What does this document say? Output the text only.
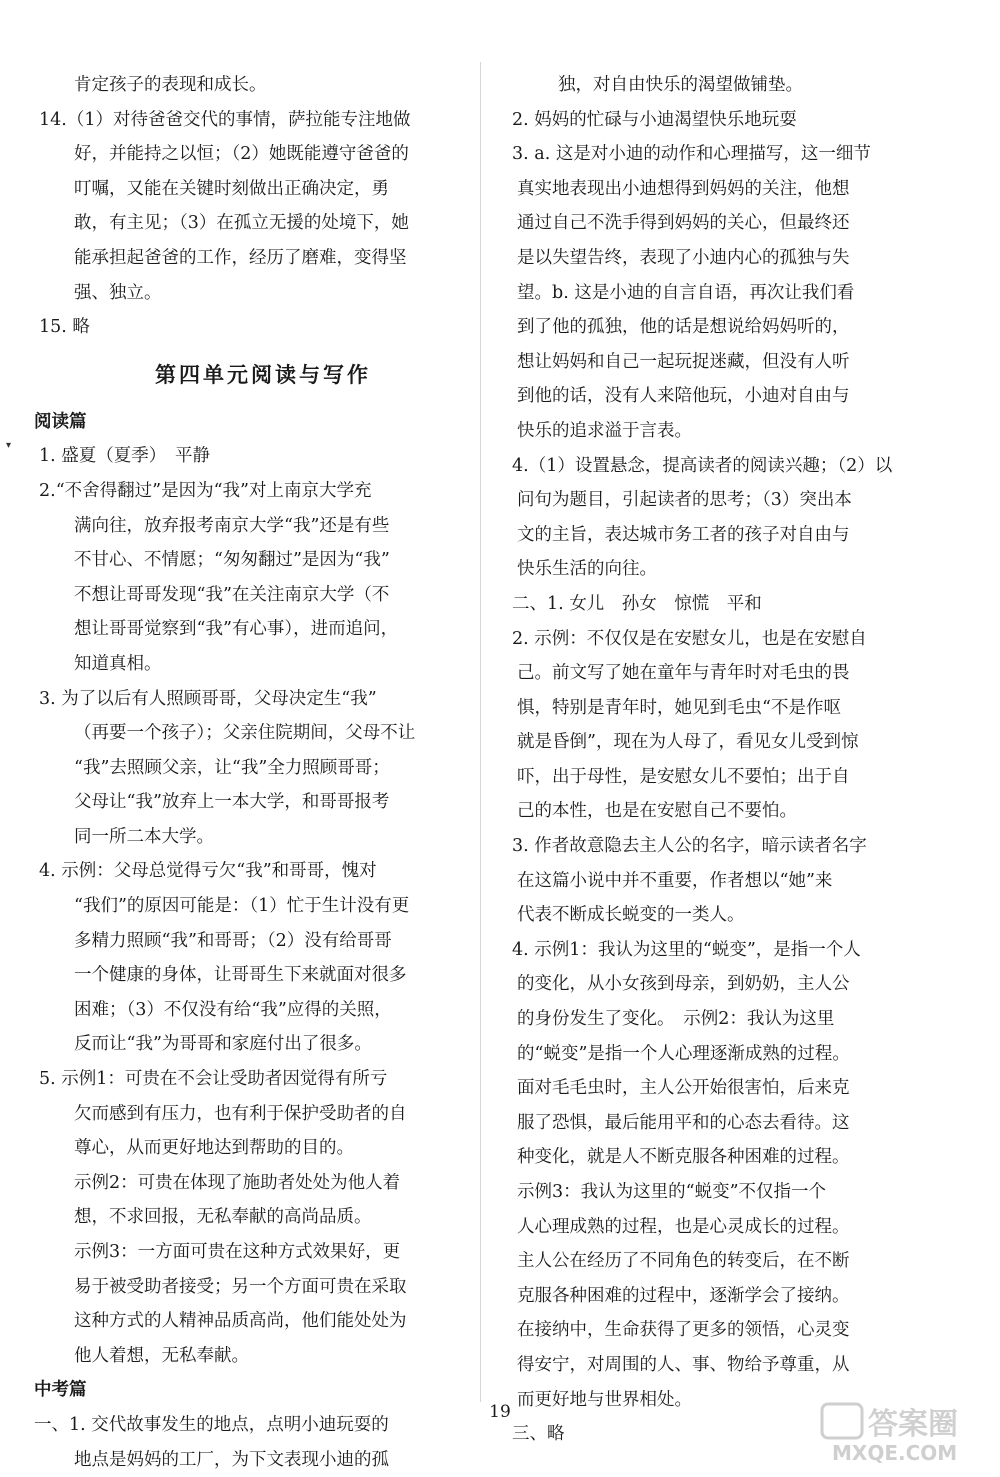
▾
肯定孩子的表现和成长。
14.（1）对待爸爸交代的事情，萨拉能专注地做
好，并能持之以恒；（2）她既能遵守爸爸的
叮嘱，又能在关键时刻做出正确决定，勇
敢，有主见；（3）在孤立无援的处境下，她
能承担起爸爸的工作，经历了磨难，变得坚
强、独立。
15. 略
第四单元阅读与写作
阅读篇
1. 盛夏（夏季）　平静
2.“不舍得翻过”是因为“我”对上南京大学充
满向往，放弃报考南京大学“我”还是有些
不甘心、不情愿；“匆匆翻过”是因为“我”
不想让哥哥发现“我”在关注南京大学（不
想让哥哥觉察到“我”有心事），进而追问，
知道真相。
3. 为了以后有人照顾哥哥，父母决定生“我”
（再要一个孩子）；父亲住院期间，父母不让
“我”去照顾父亲，让“我”全力照顾哥哥；
父母让“我”放弃上一本大学，和哥哥报考
同一所二本大学。
4. 示例：父母总觉得亏欠“我”和哥哥，愧对
“我们”的原因可能是：（1）忙于生计没有更
多精力照顾“我”和哥哥；（2）没有给哥哥
一个健康的身体，让哥哥生下来就面对很多
困难；（3）不仅没有给“我”应得的关照，
反而让“我”为哥哥和家庭付出了很多。
5. 示例1：可贵在不会让受助者因觉得有所亏
欠而感到有压力，也有利于保护受助者的自
尊心，从而更好地达到帮助的目的。
示例2：可贵在体现了施助者处处为他人着
想，不求回报，无私奉献的高尚品质。
示例3：一方面可贵在这种方式效果好，更
易于被受助者接受；另一个方面可贵在采取
这种方式的人精神品质高尚，他们能处处为
他人着想，无私奉献。
中考篇
一、1. 交代故事发生的地点，点明小迪玩耍的
地点是妈妈的工厂，为下文表现小迪的孤
独，对自由快乐的渴望做铺垫。
2. 妈妈的忙碌与小迪渴望快乐地玩耍
3. a. 这是对小迪的动作和心理描写，这一细节
真实地表现出小迪想得到妈妈的关注，他想
通过自己不洗手得到妈妈的关心，但最终还
是以失望告终，表现了小迪内心的孤独与失
望。b. 这是小迪的自言自语，再次让我们看
到了他的孤独，他的话是想说给妈妈听的，
想让妈妈和自己一起玩捉迷藏，但没有人听
到他的话，没有人来陪他玩，小迪对自由与
快乐的追求溢于言表。
4.（1）设置悬念，提高读者的阅读兴趣；（2）以
问句为题目，引起读者的思考；（3）突出本
文的主旨，表达城市务工者的孩子对自由与
快乐生活的向往。
二、1. 女儿　孙女　惊慌　平和
2. 示例：不仅仅是在安慰女儿，也是在安慰自
己。前文写了她在童年与青年时对毛虫的畏
惧，特别是青年时，她见到毛虫“不是作呕
就是昏倒”，现在为人母了，看见女儿受到惊
吓，出于母性，是安慰女儿不要怕；出于自
己的本性，也是在安慰自己不要怕。
3. 作者故意隐去主人公的名字，暗示读者名字
在这篇小说中并不重要，作者想以“她”来
代表不断成长蜕变的一类人。
4. 示例1：我认为这里的“蜕变”，是指一个人
的变化，从小女孩到母亲，到奶奶，主人公
的身份发生了变化。　示例2：我认为这里
的“蜕变”是指一个人心理逐渐成熟的过程。
面对毛毛虫时，主人公开始很害怕，后来克
服了恐惧，最后能用平和的心态去看待。这
种变化，就是人不断克服各种困难的过程。
示例3：我认为这里的“蜕变”不仅指一个
人心理成熟的过程，也是心灵成长的过程。
主人公在经历了不同角色的转变后，在不断
克服各种困难的过程中，逐渐学会了接纳。
在接纳中，生命获得了更多的领悟，心灵变
得安宁，对周围的人、事、物给予尊重，从
而更好地与世界相处。
三、略
19	答案圈
MXQE.COM
